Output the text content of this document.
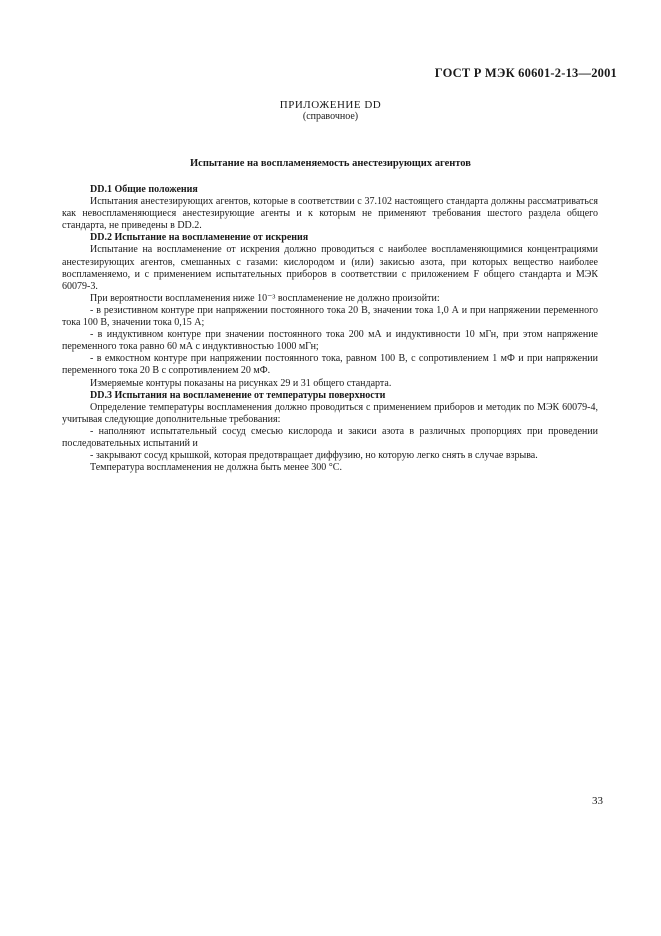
ГОСТ Р МЭК 60601-2-13—2001
ПРИЛОЖЕНИЕ DD
(справочное)
Испытание на воспламеняемость анестезирующих агентов

DD.1 Общие положения

Испытания анестезирующих агентов, которые в соответствии с 37.102 настоящего стандарта должны рассматриваться как невоспламеняющиеся анестезирующие агенты и к которым не применяют требования шестого раздела общего стандарта, не приведены в DD.2.

DD.2 Испытание на воспламенение от искрения

Испытание на воспламенение от искрения должно проводиться с наиболее воспламеняющимися концентрациями анестезирующих агентов, смешанных с газами: кислородом и (или) закисью азота, при которых вещество наиболее воспламеняемо, и с применением испытательных приборов в соответствии с приложением F общего стандарта и МЭК 60079-3.

При вероятности воспламенения ниже 10⁻³ воспламенение не должно произойти:

- в резистивном контуре при напряжении постоянного тока 20 В, значении тока 1,0 А и при напряжении переменного тока 100 В, значении тока 0,15 А;

- в индуктивном контуре при значении постоянного тока 200 мА и индуктивности 10 мГн, при этом напряжение переменного тока равно 60 мА с индуктивностью 1000 мГн;

- в емкостном контуре при напряжении постоянного тока, равном 100 В, с сопротивлением 1 мФ и при напряжении переменного тока 20 В с сопротивлением 20 мФ.

Измеряемые контуры показаны на рисунках 29 и 31 общего стандарта.

DD.3 Испытания на воспламенение от температуры поверхности

Определение температуры воспламенения должно проводиться с применением приборов и методик по МЭК 60079-4, учитывая следующие дополнительные требования:

- наполняют испытательный сосуд смесью кислорода и закиси азота в различных пропорциях при проведении последовательных испытаний и

- закрывают сосуд крышкой, которая предотвращает диффузию, но которую легко снять в случае взрыва.

Температура воспламенения не должна быть менее 300 °С.

33
